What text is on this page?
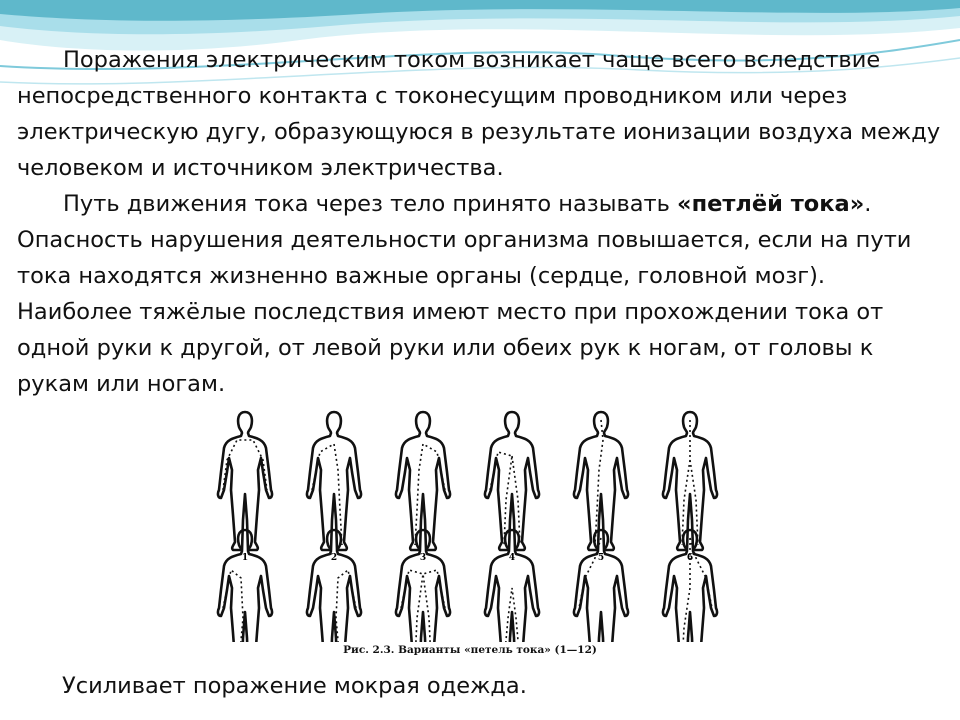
Поражения электрическим током возникает чаще всего вследствие непосредственного контакта с токонесущим проводником или через электрическую дугу, образующуюся в результате ионизации воздуха между человеком и источником электричества.

Путь движения тока через тело принято называть «петлёй тока». Опасность нарушения деятельности организма повышается, если на пути тока находятся жизненно важные органы (сердце, головной мозг). Наиболее тяжёлые последствия имеют место при прохождении тока от одной руки к другой, от левой руки или обеих рук к ногам, от головы к рукам или ногам.

1	2	3	4	5	6
Рис. 2.3. Варианты «петель тока» (1—12)
Усиливает поражение мокрая одежда.
